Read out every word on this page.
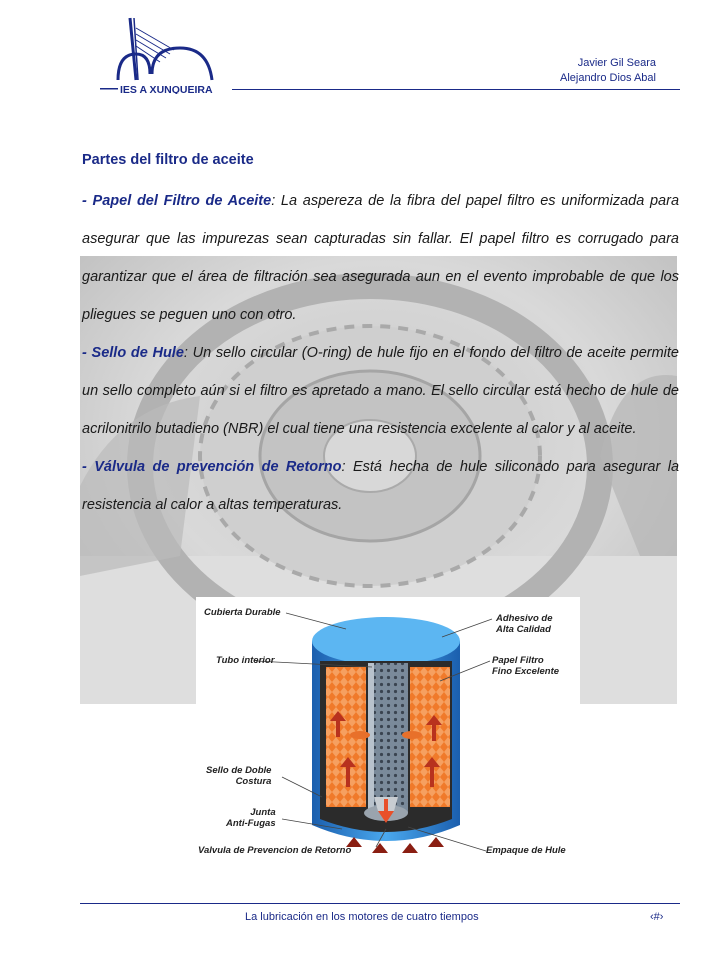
IES A XUNQUEIRA
Javier Gil Seara
Alejandro Dios Abal

Partes del filtro de aceite

- Papel del Filtro de Aceite: La aspereza de la fibra del papel filtro es uniformizada para asegurar que las impurezas sean capturadas sin fallar. El papel filtro es corrugado para garantizar que el área de filtración sea asegurada aun en el evento improbable de que los pliegues se peguen uno con otro.

- Sello de Hule: Un sello circular (O-ring) de hule fijo en el fondo del filtro de aceite permite un sello completo aún si el filtro es apretado a mano. El sello circular está hecho de hule de acrilonitrilo butadieno (NBR) el cual tiene una resistencia excelente al calor y al aceite.

- Válvula de prevención de Retorno: Está hecha de hule siliconado para asegurar la resistencia al calor a altas temperaturas.

Cubierta Durable
Tubo interior
Sello de Doble
Costura
Junta
Anti-Fugas
Valvula de Prevencion de Retorno
Adhesivo de
Alta Calidad
Papel Filtro
Fino Excelente
Empaque de Hule
La lubricación en los motores de cuatro tiempos	‹#›
